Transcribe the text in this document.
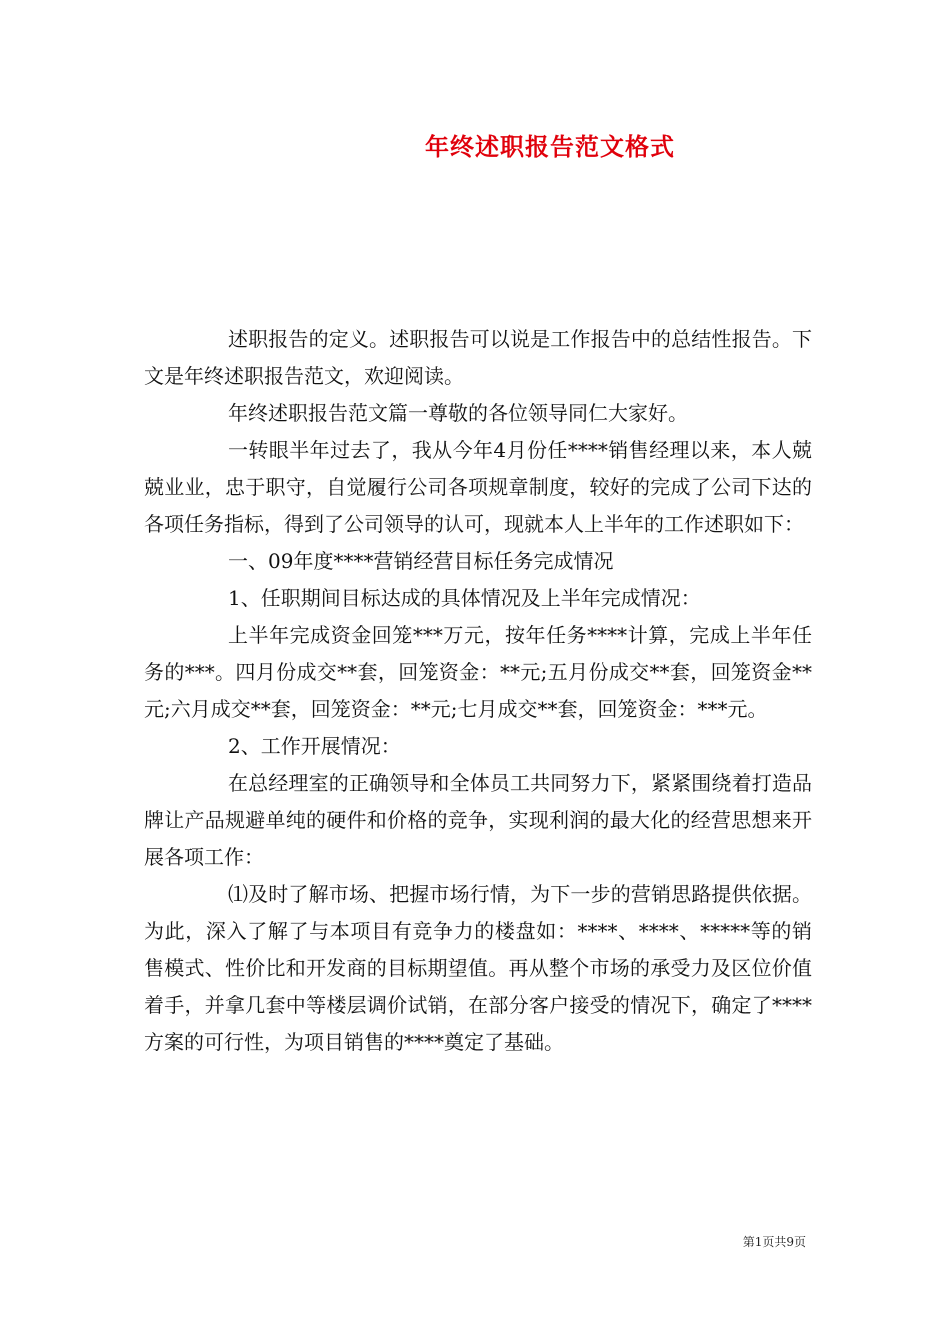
年终述职报告范文格式

述职报告的定义。述职报告可以说是工作报告中的总结性报告。下文是年终述职报告范文，欢迎阅读。

年终述职报告范文篇一尊敬的各位领导同仁大家好。

一转眼半年过去了，我从今年4月份任****销售经理以来，本人兢兢业业，忠于职守，自觉履行公司各项规章制度，较好的完成了公司下达的各项任务指标，得到了公司领导的认可，现就本人上半年的工作述职如下：

一、09年度****营销经营目标任务完成情况

1、任职期间目标达成的具体情况及上半年完成情况：

上半年完成资金回笼***万元，按年任务****计算，完成上半年任务的***。四月份成交**套，回笼资金：**元;五月份成交**套，回笼资金**元;六月成交**套，回笼资金：**元;七月成交**套，回笼资金：***元。

2、工作开展情况：

在总经理室的正确领导和全体员工共同努力下，紧紧围绕着打造品牌让产品规避单纯的硬件和价格的竞争，实现利润的最大化的经营思想来开展各项工作：

⑴及时了解市场、把握市场行情，为下一步的营销思路提供依据。为此，深入了解了与本项目有竞争力的楼盘如：****、****、*****等的销售模式、性价比和开发商的目标期望值。再从整个市场的承受力及区位价值着手，并拿几套中等楼层调价试销，在部分客户接受的情况下，确定了****方案的可行性，为项目销售的****奠定了基础。

第1页共9页
